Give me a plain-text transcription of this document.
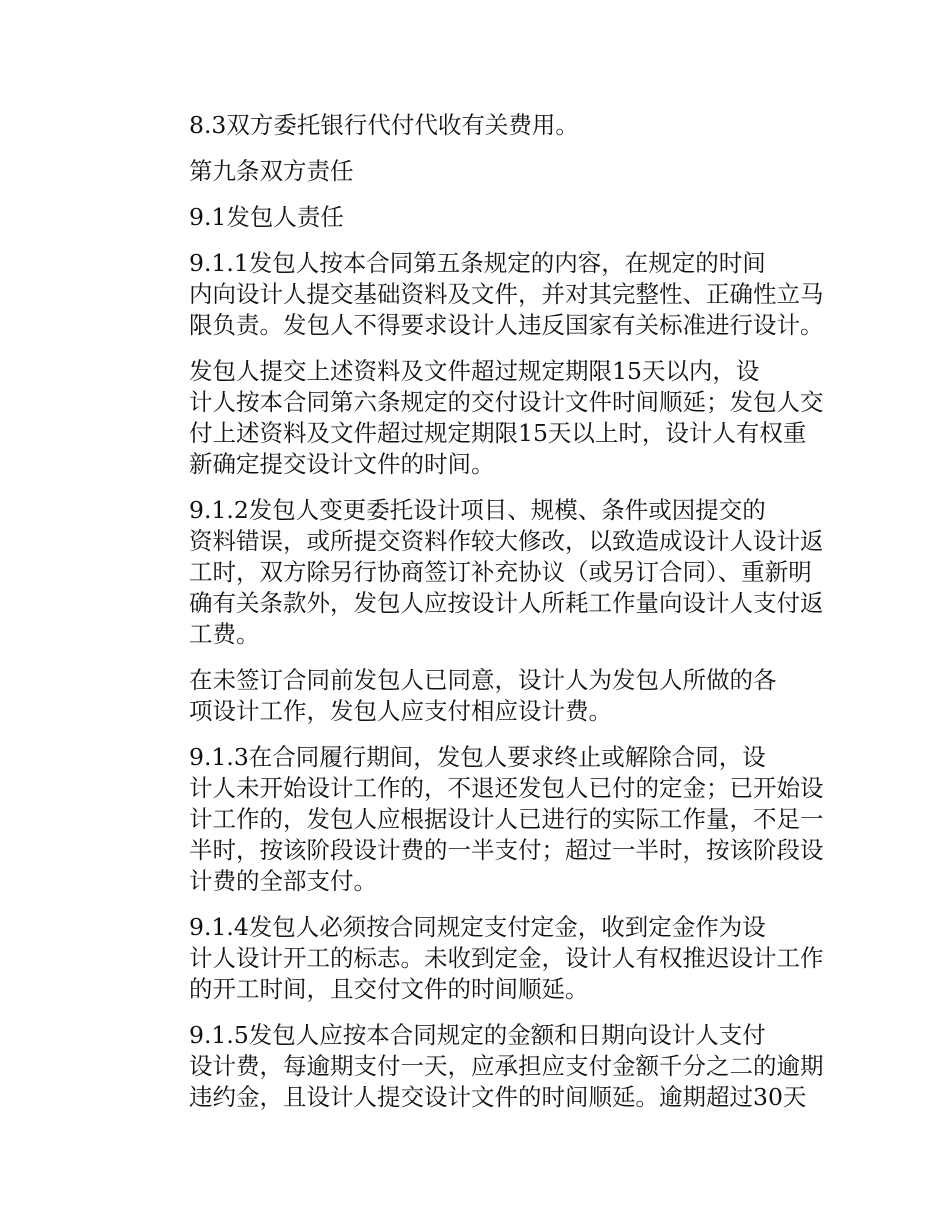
8.3双方委托银行代付代收有关费用。

第九条双方责任

9.1发包人责任

9.1.1发包人按本合同第五条规定的内容，在规定的时间
内向设计人提交基础资料及文件，并对其完整性、正确性立马
限负责。发包人不得要求设计人违反国家有关标准进行设计。

发包人提交上述资料及文件超过规定期限15天以内，设
计人按本合同第六条规定的交付设计文件时间顺延；发包人交
付上述资料及文件超过规定期限15天以上时，设计人有权重
新确定提交设计文件的时间。

9.1.2发包人变更委托设计项目、规模、条件或因提交的
资料错误，或所提交资料作较大修改，以致造成设计人设计返
工时，双方除另行协商签订补充协议（或另订合同）、重新明
确有关条款外，发包人应按设计人所耗工作量向设计人支付返
工费。

在未签订合同前发包人已同意，设计人为发包人所做的各
项设计工作，发包人应支付相应设计费。

9.1.3在合同履行期间，发包人要求终止或解除合同，设
计人未开始设计工作的，不退还发包人已付的定金；已开始设
计工作的，发包人应根据设计人已进行的实际工作量，不足一
半时，按该阶段设计费的一半支付；超过一半时，按该阶段设
计费的全部支付。

9.1.4发包人必须按合同规定支付定金，收到定金作为设
计人设计开工的标志。未收到定金，设计人有权推迟设计工作
的开工时间，且交付文件的时间顺延。

9.1.5发包人应按本合同规定的金额和日期向设计人支付
设计费，每逾期支付一天，应承担应支付金额千分之二的逾期
违约金，且设计人提交设计文件的时间顺延。逾期超过30天
